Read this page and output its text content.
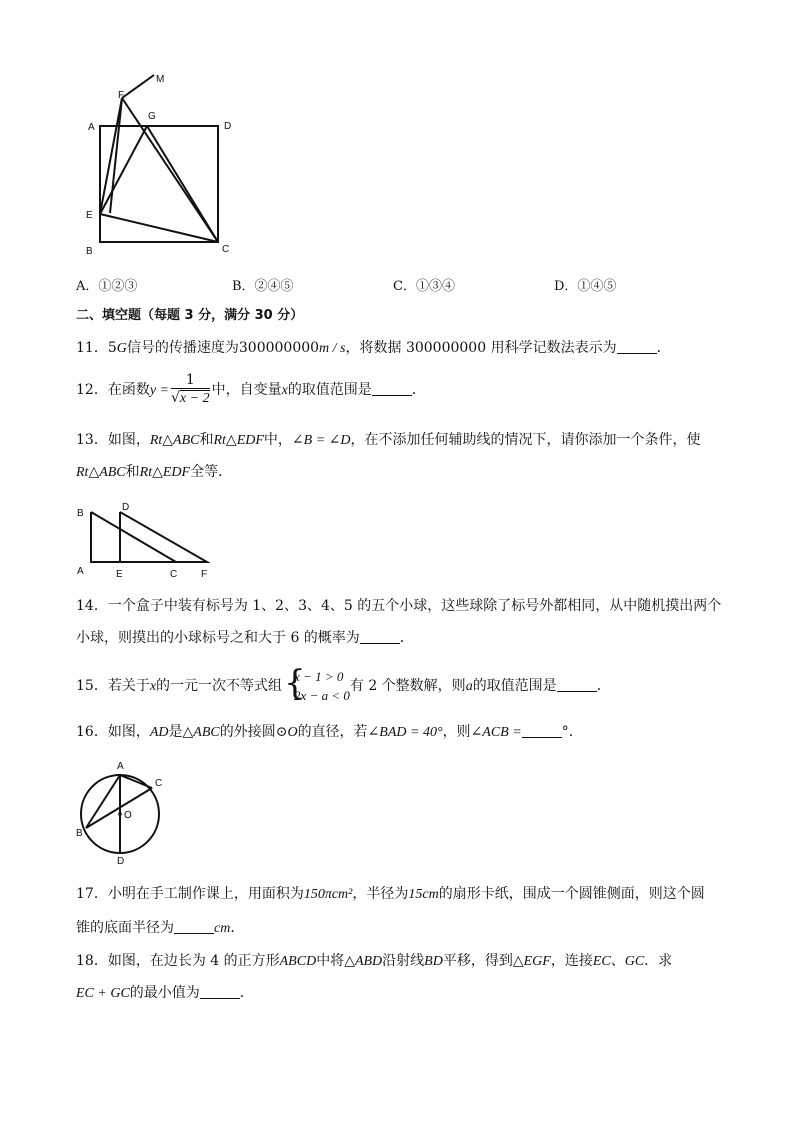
M
F
G
A	D
E
B	C
A．①②③	B．②④⑤	C．①③④	D．①④⑤
二、填空题（每题 3 分，满分 30 分）
11．5G信号的传播速度为300000000m / s，将数据 300000000 用科学记数法表示为	．
12．在函数$y = \frac{1}{√x - 2}$ 中，自变量x的取值范围是	．
13．如图，Rt△ABC和Rt△EDF中，∠B = ∠D，在不添加任何辅助线的情况下，请你添加一个条件，使
Rt△ABC和Rt△EDF全等．
B
D
A	E	C F
14．一个盒子中装有标号为 1、2、3、4、5 的五个小球，这些球除了标号外都相同，从中随机摸出两个
小球，则摸出的小球标号之和大于 6 的概率为	．
15．若关于x的一元一次不等式组 {
x − 1 > 0
2x − a < 0
有 2 个整数解，则a的取值范围是	．
16．如图，AD是△ABC的外接圆⊙O的直径，若∠BAD = 40°，则∠ACB =	°．
A
C
B
O
D
17．小明在手工制作课上，用面积为150πcm²，半径为15cm的扇形卡纸，围成一个圆锥侧面，则这个圆
锥的底面半径为	cm．
18．如图，在边长为 4 的正方形ABCD中将△ABD沿射线BD平移，得到△EGF，连接EC、GC．求
EC + GC的最小值为	．
